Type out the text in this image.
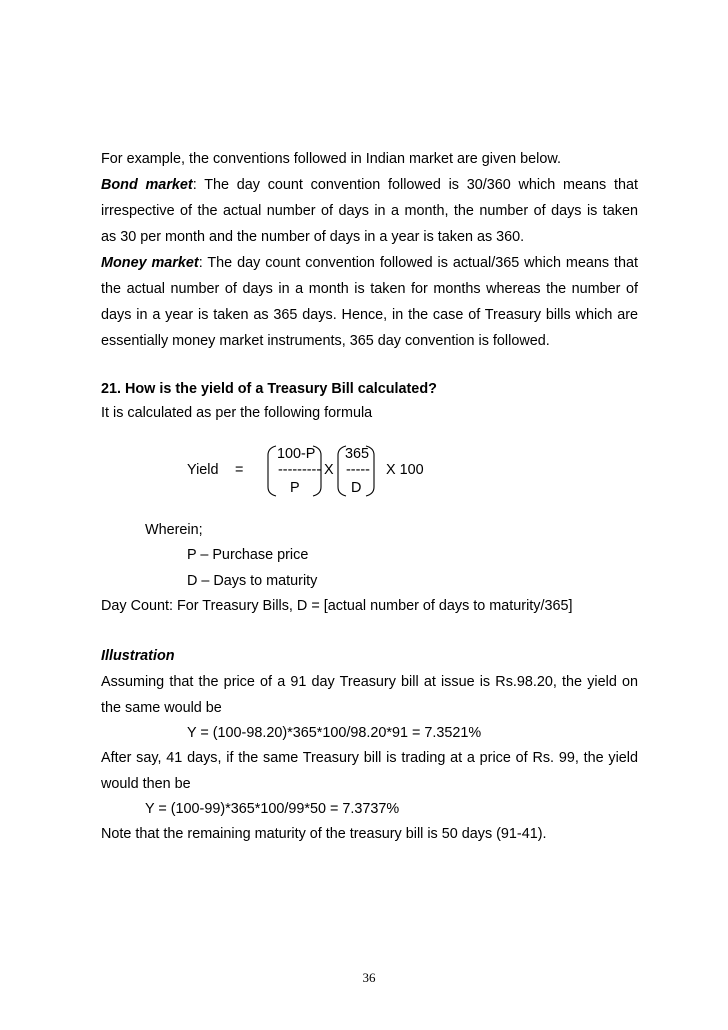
For example, the conventions followed in Indian market are given below.
Bond market: The day count convention followed is 30/360 which means that
irrespective of the actual number of days in a month, the number of days is taken
as 30 per month and the number of days in a year is taken as 360.
Money market: The day count convention followed is actual/365 which means that
the actual number of days in a month is taken for months whereas the number of
days in a year is taken as 365 days. Hence, in the case of Treasury bills which are
essentially money market instruments, 365 day convention is followed.
21. How is the yield of a Treasury Bill calculated?
It is calculated as per the following formula
Yield =
100-P
---------
P
X
365
-----
D
X 100
Wherein;
P – Purchase price
D – Days to maturity
Day Count: For Treasury Bills, D = [actual number of days to maturity/365]
Illustration
Assuming that the price of a 91 day Treasury bill at issue is Rs.98.20, the yield on
the same would be
Y = (100-98.20)*365*100/98.20*91 = 7.3521%
After say, 41 days, if the same Treasury bill is trading at a price of Rs. 99, the yield
would then be
Y = (100-99)*365*100/99*50 = 7.3737%
Note that the remaining maturity of the treasury bill is 50 days (91-41).
36
